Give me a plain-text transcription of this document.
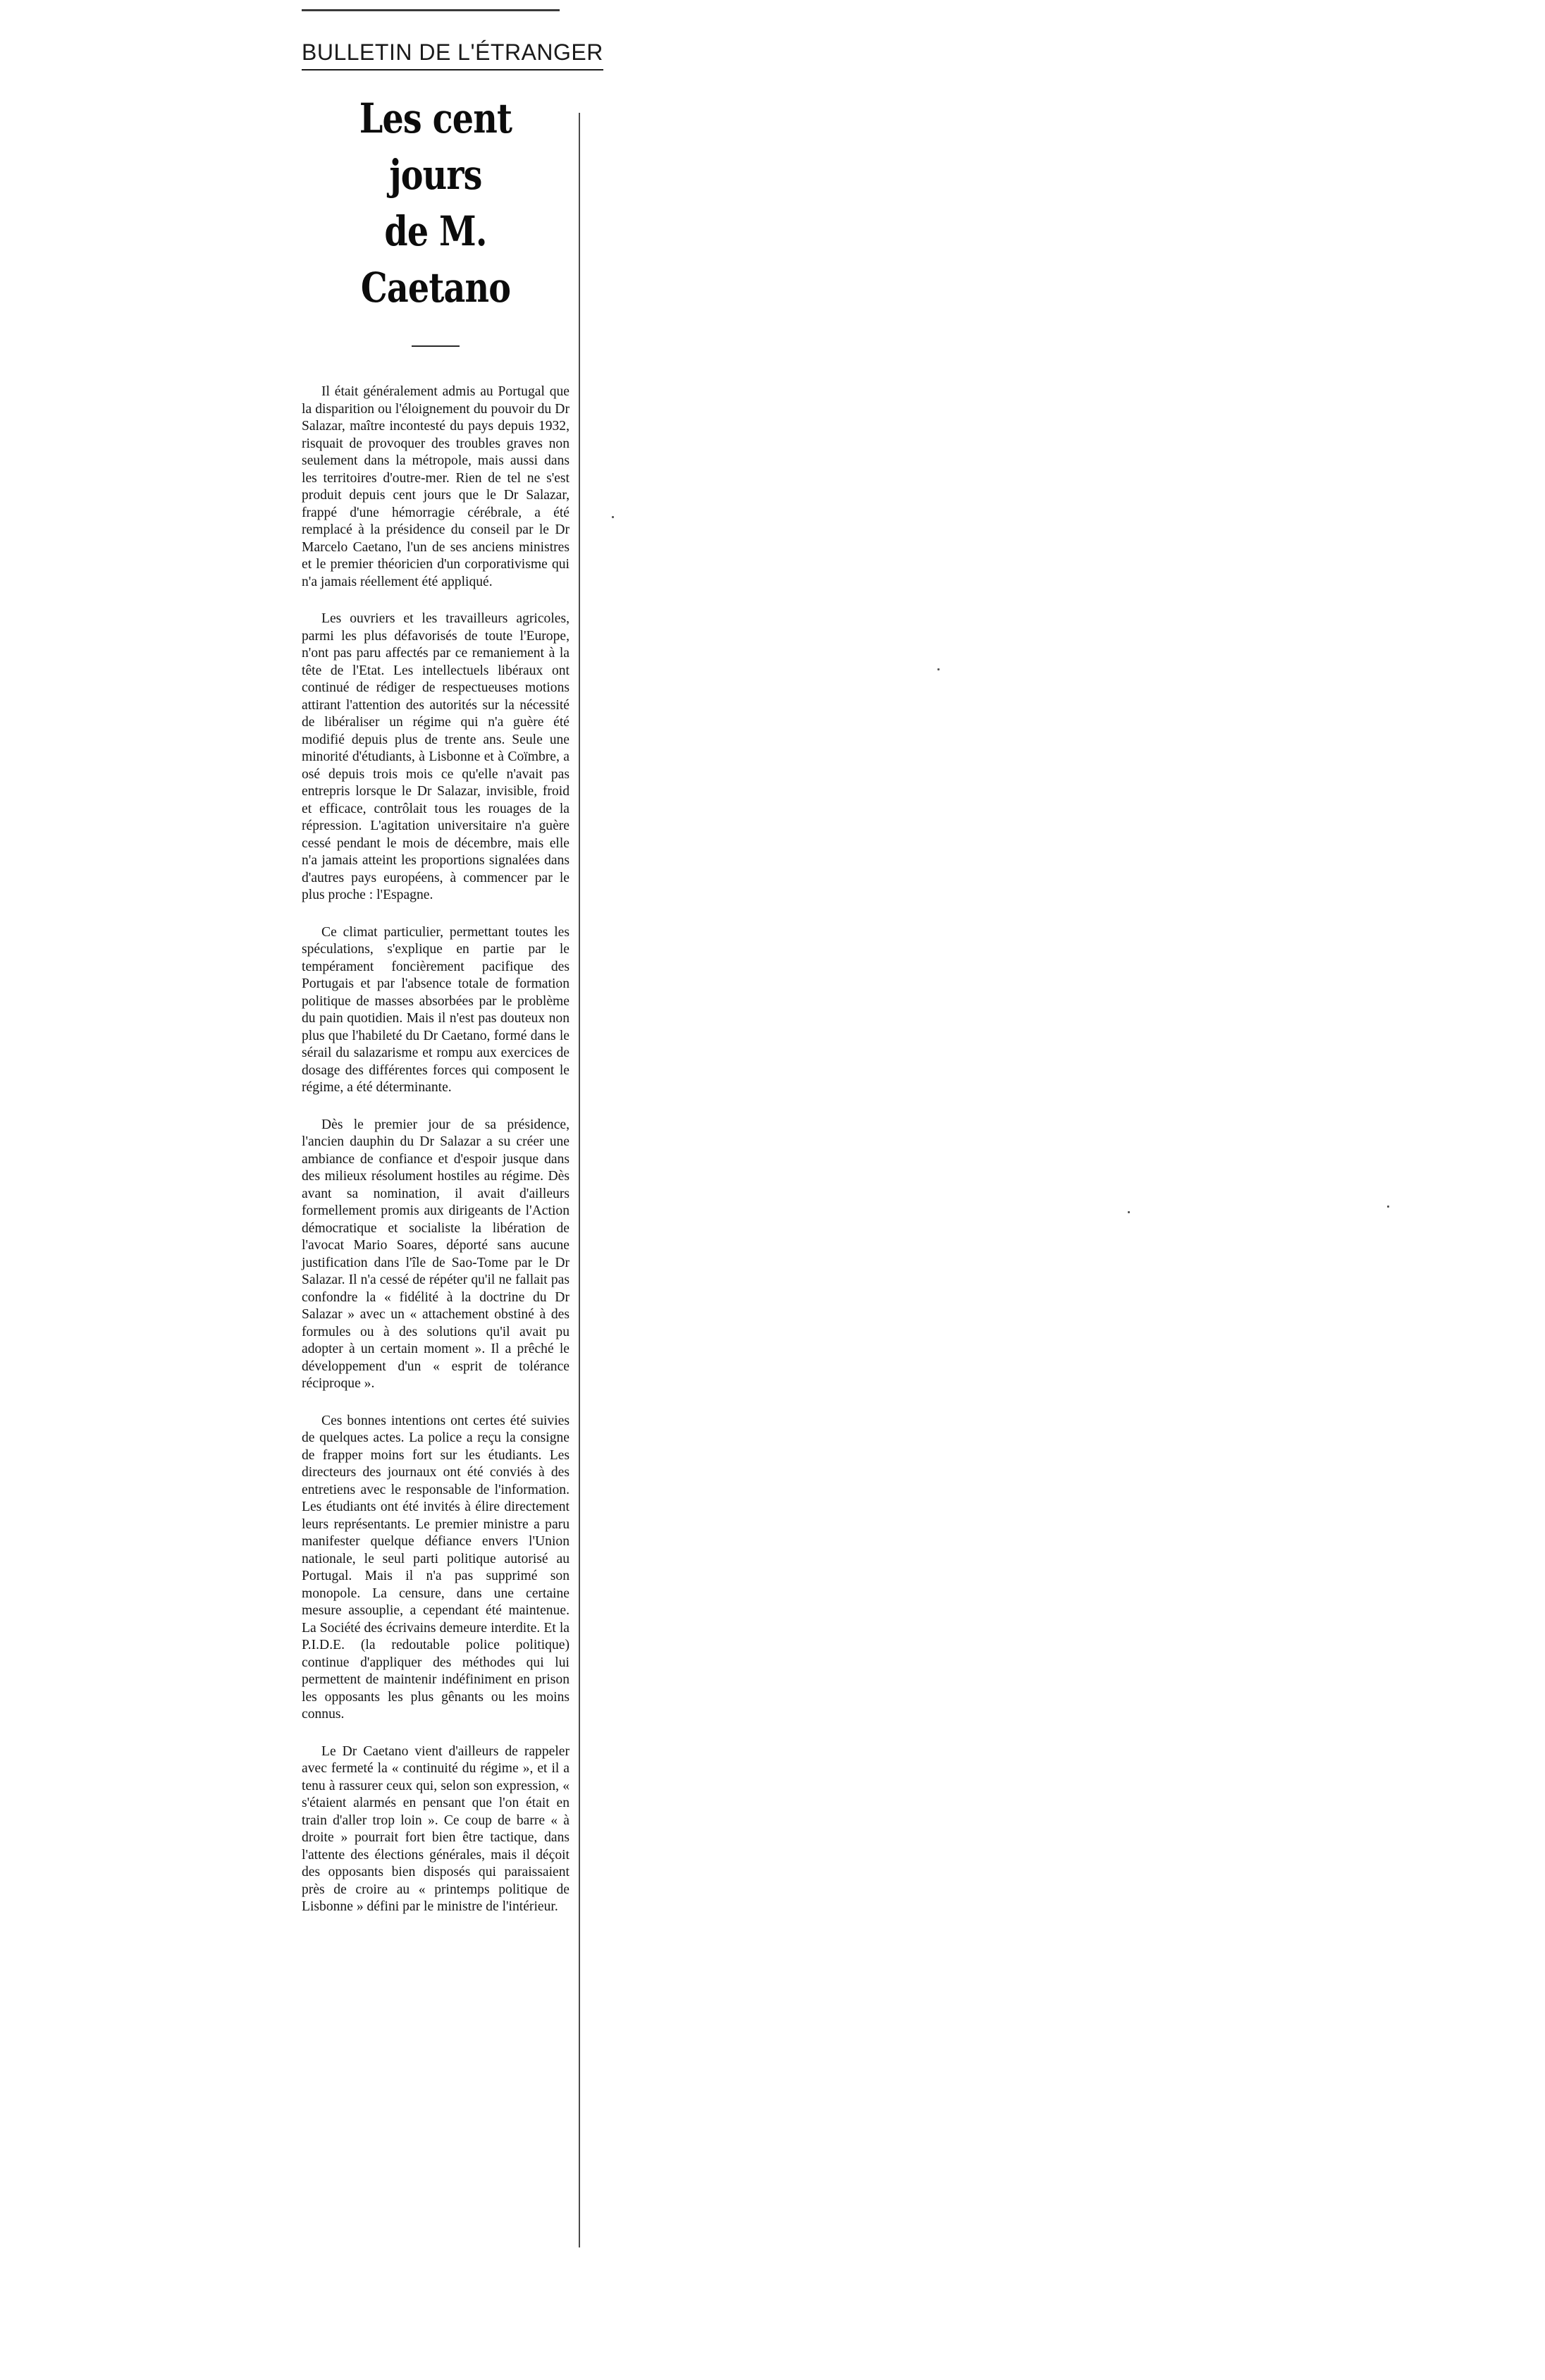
BULLETIN DE L'ÉTRANGER
Les cent jours
de M. Caetano

Il était généralement admis au Portugal que la disparition ou l'éloignement du pouvoir du Dr Salazar, maître incontesté du pays depuis 1932, risquait de provoquer des troubles graves non seulement dans la métropole, mais aussi dans les territoires d'outre-mer. Rien de tel ne s'est produit depuis cent jours que le Dr Salazar, frappé d'une hémorragie cérébrale, a été remplacé à la présidence du conseil par le Dr Marcelo Caetano, l'un de ses anciens ministres et le premier théoricien d'un corporativisme qui n'a jamais réellement été appliqué.

Les ouvriers et les travailleurs agricoles, parmi les plus défavorisés de toute l'Europe, n'ont pas paru affectés par ce remaniement à la tête de l'Etat. Les intellectuels libéraux ont continué de rédiger de respectueuses motions attirant l'attention des autorités sur la nécessité de libéraliser un régime qui n'a guère été modifié depuis plus de trente ans. Seule une minorité d'étudiants, à Lisbonne et à Coïmbre, a osé depuis trois mois ce qu'elle n'avait pas entrepris lorsque le Dr Salazar, invisible, froid et efficace, contrôlait tous les rouages de la répression. L'agitation universitaire n'a guère cessé pendant le mois de décembre, mais elle n'a jamais atteint les proportions signalées dans d'autres pays européens, à commencer par le plus proche : l'Espagne.

Ce climat particulier, permettant toutes les spéculations, s'explique en partie par le tempérament foncièrement pacifique des Portugais et par l'absence totale de formation politique de masses absorbées par le problème du pain quotidien. Mais il n'est pas douteux non plus que l'habileté du Dr Caetano, formé dans le sérail du salazarisme et rompu aux exercices de dosage des différentes forces qui composent le régime, a été déterminante.

Dès le premier jour de sa présidence, l'ancien dauphin du Dr Salazar a su créer une ambiance de confiance et d'espoir jusque dans des milieux résolument hostiles au régime. Dès avant sa nomination, il avait d'ailleurs formellement promis aux dirigeants de l'Action démocratique et socialiste la libération de l'avocat Mario Soares, déporté sans aucune justification dans l'île de Sao-Tome par le Dr Salazar. Il n'a cessé de répéter qu'il ne fallait pas confondre la « fidélité à la doctrine du Dr Salazar » avec un « attachement obstiné à des formules ou à des solutions qu'il avait pu adopter à un certain moment ». Il a prêché le développement d'un « esprit de tolérance réciproque ».

Ces bonnes intentions ont certes été suivies de quelques actes. La police a reçu la consigne de frapper moins fort sur les étudiants. Les directeurs des journaux ont été conviés à des entretiens avec le responsable de l'information. Les étudiants ont été invités à élire directement leurs représentants. Le premier ministre a paru manifester quelque défiance envers l'Union nationale, le seul parti politique autorisé au Portugal. Mais il n'a pas supprimé son monopole. La censure, dans une certaine mesure assouplie, a cependant été maintenue. La Société des écrivains demeure interdite. Et la P.I.D.E. (la redoutable police politique) continue d'appliquer des méthodes qui lui permettent de maintenir indéfiniment en prison les opposants les plus gênants ou les moins connus.

Le Dr Caetano vient d'ailleurs de rappeler avec fermeté la « continuité du régime », et il a tenu à rassurer ceux qui, selon son expression, « s'étaient alarmés en pensant que l'on était en train d'aller trop loin ». Ce coup de barre « à droite » pourrait fort bien être tactique, dans l'attente des élections générales, mais il déçoit des opposants bien disposés qui paraissaient près de croire au « printemps politique de Lisbonne » défini par le ministre de l'intérieur.
